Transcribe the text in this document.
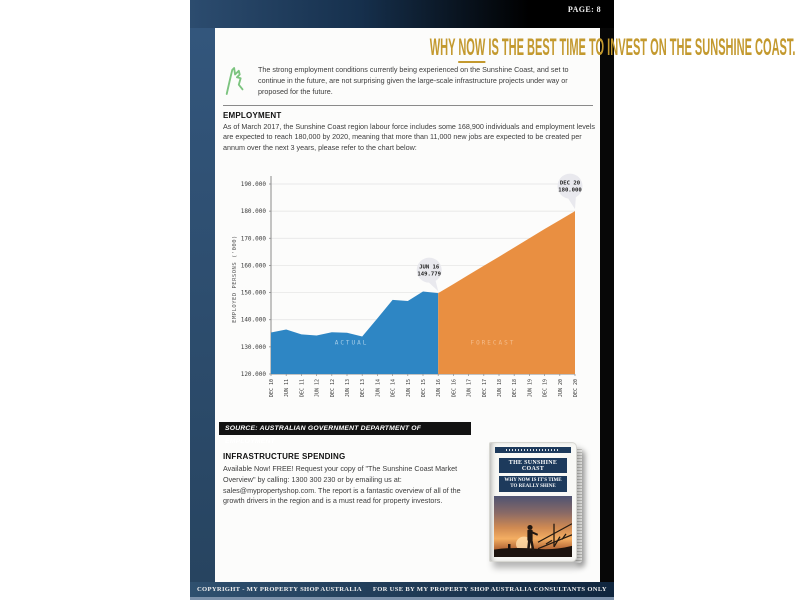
PAGE: 8
WHY NOW IS THE BEST TIME TO INVEST ON THE SUNSHINE COAST.
The strong employment conditions currently being experienced on the Sunshine Coast, and set to continue in the future, are not surprising given the large-scale infrastructure projects under way or proposed for the future.
EMPLOYMENT
As of March 2017, the Sunshine Coast region labour force includes some 168,900 individuals and employment levels are expected to reach 180,000 by 2020, meaning that more than 11,000 new jobs are expected to be created per annum over the next 3 years, please refer to the chart below:
120.000
130.000
140.000
150.000
160.000
170.000
180.000
190.000
ACTUAL	FORECAST
DEC 10 JUN 11 DEC 11 JUN 12 DEC 12 JUN 13 DEC 13 JUN 14 DEC 14 JUN 15 DEC 15 JUN 16 DEC 16 JUN 17 DEC 17 JUN 18 DEC 18 JUN 19 DEC 19 JUN 20 DEC 20
JUN 16
149.779
DEC 20
180.000
EMPLOYED PERSONS ('000)
SOURCE: AUSTRALIAN GOVERNMENT DEPARTMENT OF EMPLOYMENT
INFRASTRUCTURE SPENDING
Available Now! FREE! Request your copy of "The Sunshine Coast Market Overview" by calling: 1300 300 230 or by emailing us at: sales@mypropertyshop.com. The report is a fantastic overview of all of the growth drivers in the region and is a must read for property investors.
THE SUNSHINE COAST
WHY NOW IS IT'S TIME TO REALLY SHINE
COPYRIGHT - MY PROPERTY SHOP AUSTRALIA FOR USE BY MY PROPERTY SHOP AUSTRALIA CONSULTANTS ONLY
